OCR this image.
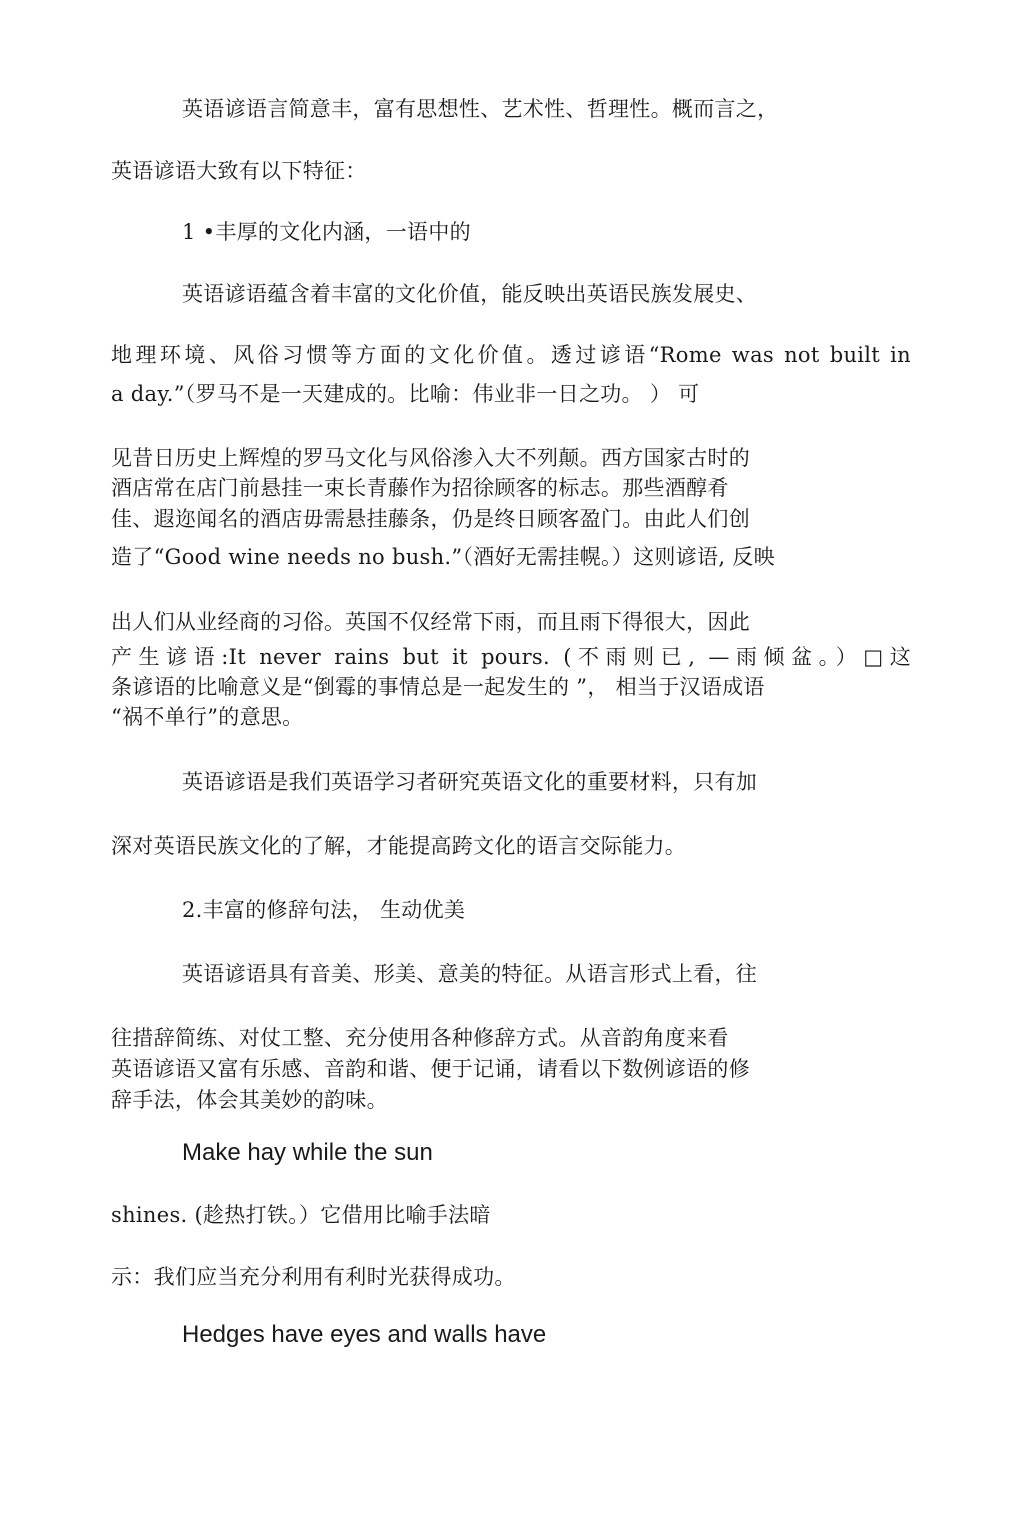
英语谚语言简意丰，富有思想性、艺术性、哲理性。概而言之，
英语谚语大致有以下特征：
1 •丰厚的文化内涵，一语中的
英语谚语蕴含着丰富的文化价值，能反映出英语民族发展史、
地理环境、风俗习惯等方面的文化价值。透过谚语“Rome was not built in
a day.”（罗马不是一天建成的。比喻：伟业非一日之功。 ） 可
见昔日历史上辉煌的罗马文化与风俗渗入大不列颠。西方国家古时的
酒店常在店门前悬挂一束长青藤作为招徐顾客的标志。那些酒醇肴
佳、遐迩闻名的酒店毋需悬挂藤条，仍是终日顾客盈门。由此人们创
造了“Good wine needs no bush.”（酒好无需挂幌。）这则谚语, 反映
出人们从业经商的习俗。英国不仅经常下雨，而且雨下得很大，因此
产生谚语:It never rains but it pours. (不雨则已, —雨倾盆。）□这
条谚语的比喻意义是“倒霉的事情总是一起发生的 ”， 相当于汉语成语
“祸不单行”的意思。
英语谚语是我们英语学习者研究英语文化的重要材料，只有加
深对英语民族文化的了解，才能提高跨文化的语言交际能力。
2.丰富的修辞句法， 生动优美
英语谚语具有音美、形美、意美的特征。从语言形式上看，往
往措辞简练、对仗工整、充分使用各种修辞方式。从音韵角度来看
英语谚语又富有乐感、音韵和谐、便于记诵，请看以下数例谚语的修
辞手法，体会其美妙的韵味。
Make hay while the sun
shines. (趁热打铁。）它借用比喻手法暗
示：我们应当充分利用有利时光获得成功。
Hedges have eyes and walls have
